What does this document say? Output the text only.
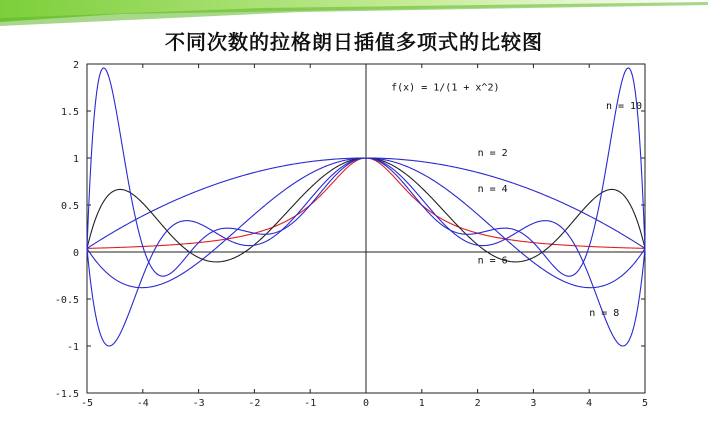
不同次数的拉格朗日插值多项式的比较图
-5	-4	-3	-2	-1	0	1	2	3	4	5
-1.5
-1
-0.5
0
0.5
1
1.5
2
n = 2
n = 4
n = 6
n = 8
n = 10
f(x) = 1/(1 + x^2)
